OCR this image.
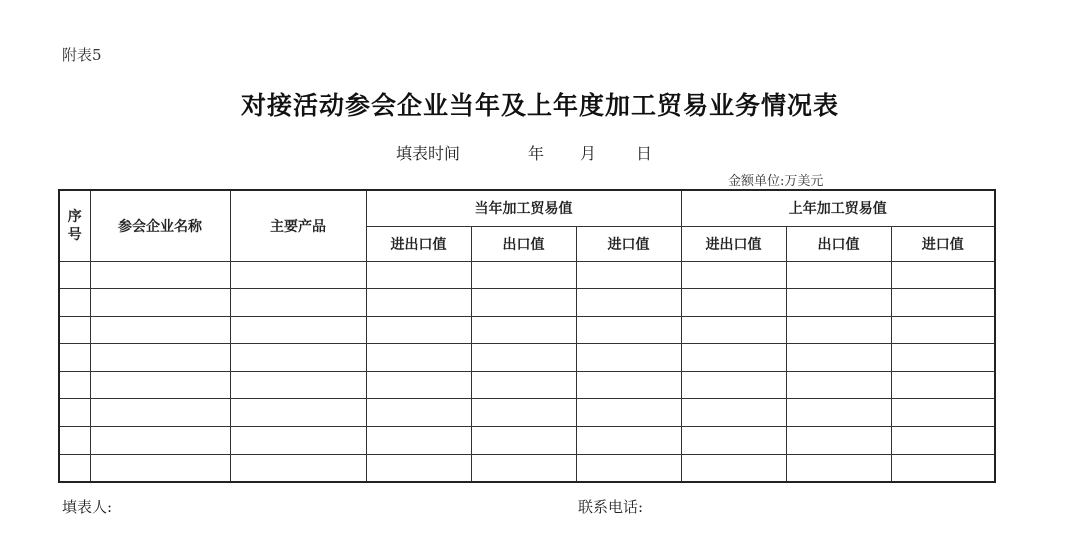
附表5
对接活动参会企业当年及上年度加工贸易业务情况表
填表时间	年 月	日
金额单位:万美元
序
号	参会企业名称	主要产品	当年加工贸易值			上年加工贸易值		
			进出口值	出口值	进口值	进出口值	出口值	进口值

填表人:	联系电话:
